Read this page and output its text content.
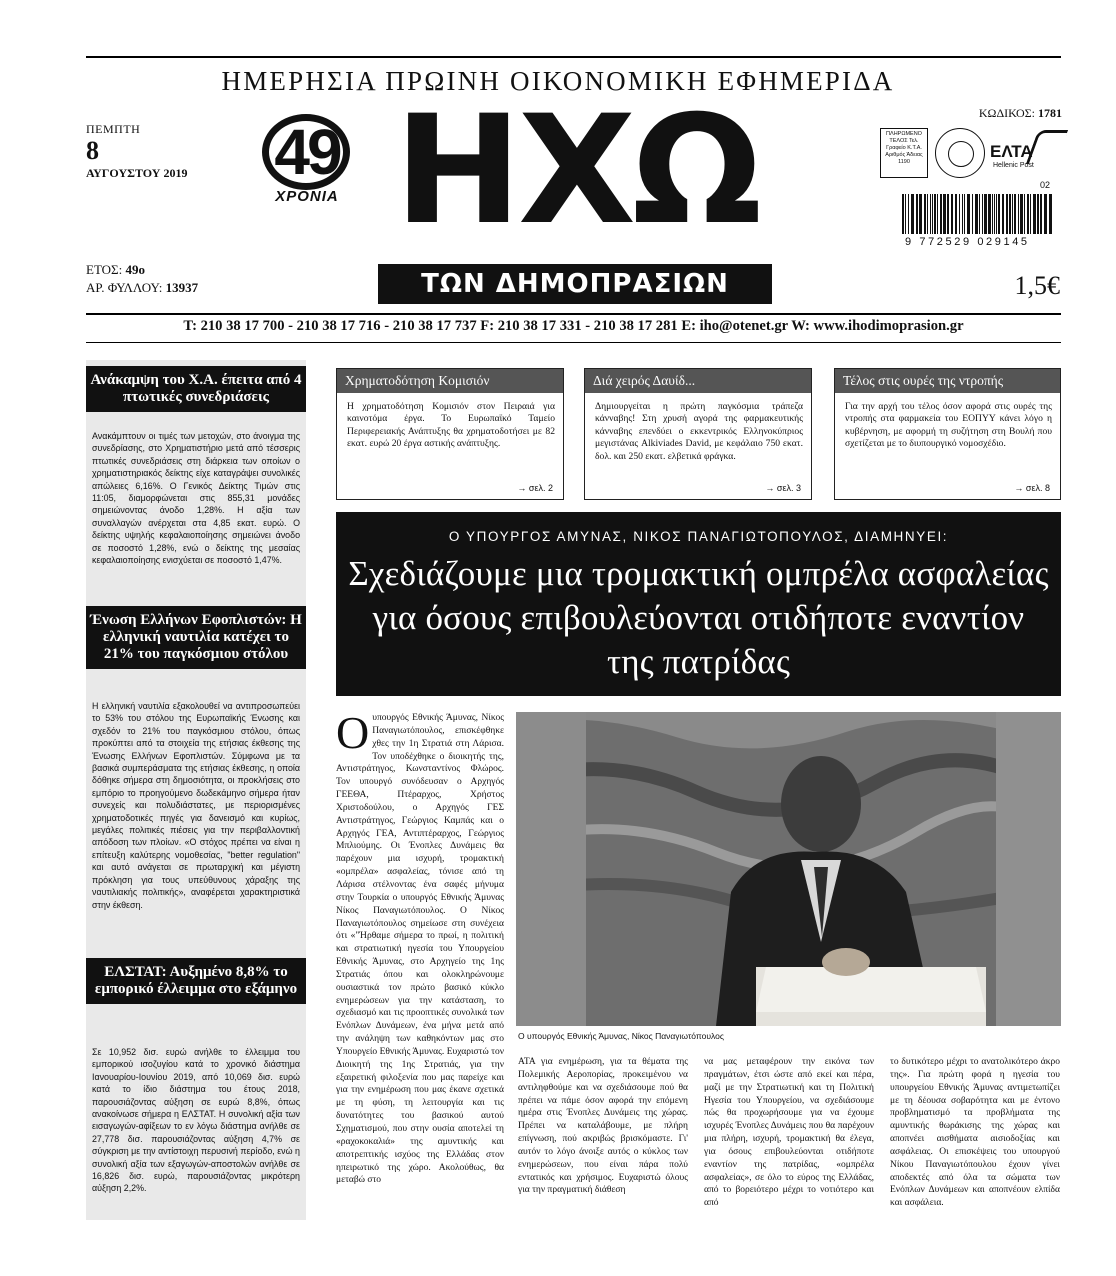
ΗΜΕΡΗΣΙΑ ΠΡΩΙΝΗ ΟΙΚΟΝΟΜΙΚΗ ΕΦΗΜΕΡΙΔΑ
ΠΕΜΠΤΗ
8
ΑΥΓΟΥΣΤΟΥ 2019	49
ΧΡΟΝΙΑ ΗΧΩ
ΤΩΝ ΔΗΜΟΠΡΑΣΙΩΝ
ΚΩΔΙΚΟΣ: 1781
ΠΛΗΡΩΜΕΝΟ ΤΕΛΟΣ Τελ. Γραφείο Κ.Τ.Α. Αριθμός Άδειας 1190
ΕΛΤΑ
Hellenic Post
02
9 772529 029145
ΕΤΟΣ: 49ο
ΑΡ. ΦΥΛΛΟΥ: 13937	1,5€
Τ: 210 38 17 700 - 210 38 17 716 - 210 38 17 737 F: 210 38 17 331 - 210 38 17 281 E: iho@otenet.gr W: www.ihodimoprasion.gr
Ανάκαμψη του Χ.Α. έπειτα από 4 πτωτικές συνεδριάσεις
Ανακάμπτουν οι τιμές των μετοχών, στο άνοιγμα της συνεδρίασης, στο Χρηματιστήριο μετά από τέσσερις πτωτικές συνεδριάσεις στη διάρκεια των οποίων ο χρηματιστηριακός δείκτης είχε καταγράψει συνολικές απώλειες 6,16%. Ο Γενικός Δείκτης Τιμών στις 11:05, διαμορφώνεται στις 855,31 μονάδες σημειώνοντας άνοδο 1,28%. Η αξία των συναλλαγών ανέρχεται στα 4,85 εκατ. ευρώ. Ο δείκτης υψηλής κεφαλαιοποίησης σημειώνει άνοδο σε ποσοστό 1,28%, ενώ ο δείκτης της μεσαίας κεφαλαιοποίησης ενισχύεται σε ποσοστό 1,47%.
Ένωση Ελλήνων Εφοπλιστών: Η ελληνική ναυτιλία κατέχει το 21% του παγκόσμιου στόλου
Η ελληνική ναυτιλία εξακολουθεί να αντιπροσωπεύει το 53% του στόλου της Ευρωπαϊκής Ένωσης και σχεδόν το 21% του παγκόσμιου στόλου, όπως προκύπτει από τα στοιχεία της ετήσιας έκθεσης της Ένωσης Ελλήνων Εφοπλιστών. Σύμφωνα με τα βασικά συμπεράσματα της ετήσιας έκθεσης, η οποία δόθηκε σήμερα στη δημοσιότητα, οι προκλήσεις στο εμπόριο το προηγούμενο δωδεκάμηνο σήμερα ήταν συνεχείς και πολυδιάστατες, με περιορισμένες χρηματοδοτικές πηγές για δανεισμό και κυρίως, μεγάλες πολιτικές πιέσεις για την περιβαλλοντική απόδοση των πλοίων. «Ο στόχος πρέπει να είναι η επίτευξη καλύτερης νομοθεσίας, "better regulation" και αυτό ανάγεται σε πρωταρχική και μέγιστη πρόκληση για τους υπεύθυνους χάραξης της ναυτιλιακής πολιτικής», αναφέρεται χαρακτηριστικά στην έκθεση.
ΕΛΣΤΑΤ: Αυξημένο 8,8% το εμπορικό έλλειμμα στο εξάμηνο
Σε 10,952 δισ. ευρώ ανήλθε το έλλειμμα του εμπορικού ισοζυγίου κατά το χρονικό διάστημα Ιανουαρίου-Ιουνίου 2019, από 10,069 δισ. ευρώ κατά το ίδιο διάστημα του έτους 2018, παρουσιάζοντας αύξηση σε ευρώ 8,8%, όπως ανακοίνωσε σήμερα η ΕΛΣΤΑΤ. Η συνολική αξία των εισαγωγών-αφίξεων το εν λόγω διάστημα ανήλθε σε 27,778 δισ. παρουσιάζοντας αύξηση 4,7% σε σύγκριση με την αντίστοιχη περυσινή περίοδο, ενώ η συνολική αξία των εξαγωγών-αποστολών ανήλθε σε 16,826 δισ. ευρώ, παρουσιάζοντας μικρότερη αύξηση 2,2%.
Χρηματοδότηση Κομισιόν
Η χρηματοδότηση Κομισιόν στον Πειραιά για καινοτόμα έργα. Το Ευρωπαϊκό Ταμείο Περιφερειακής Ανάπτυξης θα χρηματοδοτήσει με 82 εκατ. ευρώ 20 έργα αστικής ανάπτυξης.
→ σελ. 2
Διά χειρός Δαυίδ...
Δημιουργείται η πρώτη παγκόσμια τράπεζα κάνναβης! Στη χρυσή αγορά της φαρμακευτικής κάνναβης επενδύει ο εκκεντρικός Ελληνοκύπριος μεγιστάνας Alkiviades David, με κεφάλαιο 750 εκατ. δολ. και 250 εκατ. ελβετικά φράγκα.
→ σελ. 3
Τέλος στις ουρές της ντροπής
Για την αρχή του τέλος όσον αφορά στις ουρές της ντροπής στα φαρμακεία του ΕΟΠΥΥ κάνει λόγο η κυβέρνηση, με αφορμή τη συζήτηση στη Βουλή που σχετίζεται με το διυπουργικό νομοσχέδιο.
→ σελ. 8
Ο ΥΠΟΥΡΓΟΣ ΑΜΥΝΑΣ, ΝΙΚΟΣ ΠΑΝΑΓΙΩΤΟΠΟΥΛΟΣ, ΔΙΑΜΗΝΥΕΙ:
Σχεδιάζουμε μια τρομακτική ομπρέλα ασφαλείας για όσους επιβουλεύονται οτιδήποτε εναντίον της πατρίδας
Ο υπουργός Εθνικής Άμυνας, Νίκος Παναγιωτόπουλος, επισκέφθηκε χθες την 1η Στρατιά στη Λάρισα. Τον υποδέχθηκε ο διοικητής της, Αντιστράτηγος, Κωνσταντίνος Φλώρος. Τον υπουργό συνόδευσαν ο Αρχηγός ΓΕΕΘΑ, Πτέραρχος, Χρήστος Χριστοδούλου, ο Αρχηγός ΓΕΣ Αντιστράτηγος, Γεώργιος Καμπάς και ο Αρχηγός ΓΕΑ, Αντιπτέραρχος, Γεώργιος Μπλιούμης. Οι Ένοπλες Δυνάμεις θα παρέχουν μια ισχυρή, τρομακτική «ομπρέλα» ασφαλείας, τόνισε από τη Λάρισα στέλνοντας ένα σαφές μήνυμα στην Τουρκία ο υπουργός Εθνικής Άμυνας Νίκος Παναγιωτόπουλος. Ο Νίκος Παναγιωτόπουλος σημείωσε στη συνέχεια ότι «"Ήρθαμε σήμερα το πρωί, η πολιτική και στρατιωτική ηγεσία του Υπουργείου Εθνικής Άμυνας, στο Αρχηγείο της 1ης Στρατιάς όπου και ολοκληρώνουμε ουσιαστικά τον πρώτο βασικό κύκλο ενημερώσεων για την κατάσταση, το σχεδιασμό και τις προοπτικές συνολικά των Ενόπλων Δυνάμεων, ένα μήνα μετά από την ανάληψη των καθηκόντων μας στο Υπουργείο Εθνικής Άμυνας. Ευχαριστώ τον Διοικητή της 1ης Στρατιάς, για την εξαιρετική φιλοξενία που μας παρείχε και για την ενημέρωση που μας έκανε σχετικά με τη φύση, τη λειτουργία και τις δυνατότητες του βασικού αυτού Σχηματισμού, που στην ουσία αποτελεί τη «ραχοκοκαλιά» της αμυντικής και αποτρεπτικής ισχύος της Ελλάδας στον ηπειρωτικό της χώρο. Ακολούθως, θα μεταβώ στο
Ο υπουργός Εθνικής Άμυνας, Νίκος Παναγιωτόπουλος
ΑΤΑ για ενημέρωση, για τα θέματα της Πολεμικής Αεροπορίας, προκειμένου να αντιληφθούμε και να σχεδιάσουμε πού θα πρέπει να πάμε όσον αφορά την επόμενη ημέρα στις Ένοπλες Δυνάμεις της χώρας. Πρέπει να καταλάβουμε, με πλήρη επίγνωση, πού ακριβώς βρισκόμαστε. Γι' αυτόν το λόγο άνοιξε αυτός ο κύκλος των ενημερώσεων, που είναι πάρα πολύ εντατικός και χρήσιμος. Ευχαριστώ όλους για την πραγματική διάθεση
να μας μεταφέρουν την εικόνα των πραγμάτων, έτσι ώστε από εκεί και πέρα, μαζί με την Στρατιωτική και τη Πολιτική Ηγεσία του Υπουργείου, να σχεδιάσουμε πώς θα προχωρήσουμε για να έχουμε ισχυρές Ένοπλες Δυνάμεις που θα παρέχουν μια πλήρη, ισχυρή, τρομακτική θα έλεγα, για όσους επιβουλεύονται οτιδήποτε εναντίον της πατρίδας, «ομπρέλα ασφαλείας», σε όλο το εύρος της Ελλάδας, από το βορειότερο μέχρι το νοτιότερο και από
το δυτικότερο μέχρι το ανατολικότερο άκρο της». Για πρώτη φορά η ηγεσία του υπουργείου Εθνικής Άμυνας αντιμετωπίζει με τη δέουσα σοβαρότητα και με έντονο προβληματισμό τα προβλήματα της αμυντικής θωράκισης της χώρας και αποπνέει αισθήματα αισιοδοξίας και ασφάλειας. Οι επισκέψεις του υπουργού Νίκου Παναγιωτόπουλου έχουν γίνει αποδεκτές από όλα τα σώματα των Ενόπλων Δυνάμεων και αποπνέουν ελπίδα και ασφάλεια.
